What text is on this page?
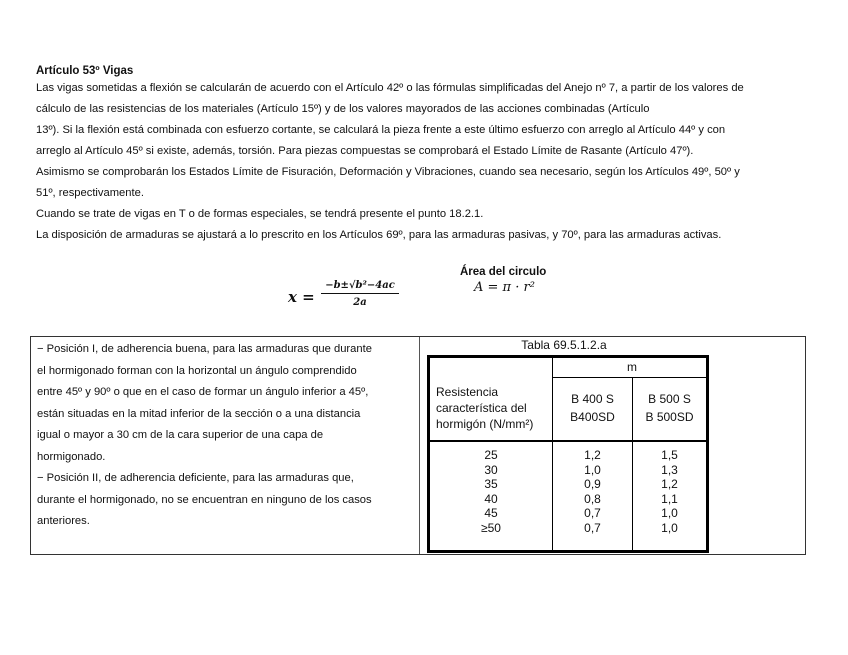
Artículo 53º Vigas

Las vigas sometidas a flexión se calcularán de acuerdo con el Artículo 42º o las fórmulas simplificadas del Anejo nº 7, a partir de los valores de

cálculo de las resistencias de los materiales (Artículo 15º) y de los valores mayorados de las acciones combinadas (Artículo

13º). Si la flexión está combinada con esfuerzo cortante, se calculará la pieza frente a este último esfuerzo con arreglo al Artículo 44º y con

arreglo al Artículo 45º si existe, además, torsión. Para piezas compuestas se comprobará el Estado Límite de Rasante (Artículo 47º).

Asimismo se comprobarán los Estados Límite de Fisuración, Deformación y Vibraciones, cuando sea necesario, según los Artículos 49º, 50º y

51º, respectivamente.

Cuando se trate de vigas en T o de formas especiales, se tendrá presente el punto 18.2.1.

La disposición de armaduras se ajustará a lo prescrito en los Artículos 69º, para las armaduras pasivas, y 70º, para las armaduras activas.

$x = \frac{\text{−b±√b²−4ac}}{2a}$
Área del circulo
A = π · r²

− Posición I, de adherencia buena, para las armaduras que durante

el hormigonado forman con la horizontal un ángulo comprendido

entre 45º y 90º o que en el caso de formar un ángulo inferior a 45º,

están situadas en la mitad inferior de la sección o a una distancia

igual o mayor a 30 cm de la cara superior de una capa de

hormigonado.

− Posición II, de adherencia deficiente, para las armaduras que,

durante el hormigonado, no se encuentran en ninguno de los casos

anteriores.

Tabla 69.5.1.2.a
m
Resistencia
característica del
hormigón (N/mm²)
B 400 S
B400SD
B 500 S
B 500SD
25
30
35
40
45
≥50
1,2
1,0
0,9
0,8
0,7
0,7
1,5
1,3
1,2
1,1
1,0
1,0
